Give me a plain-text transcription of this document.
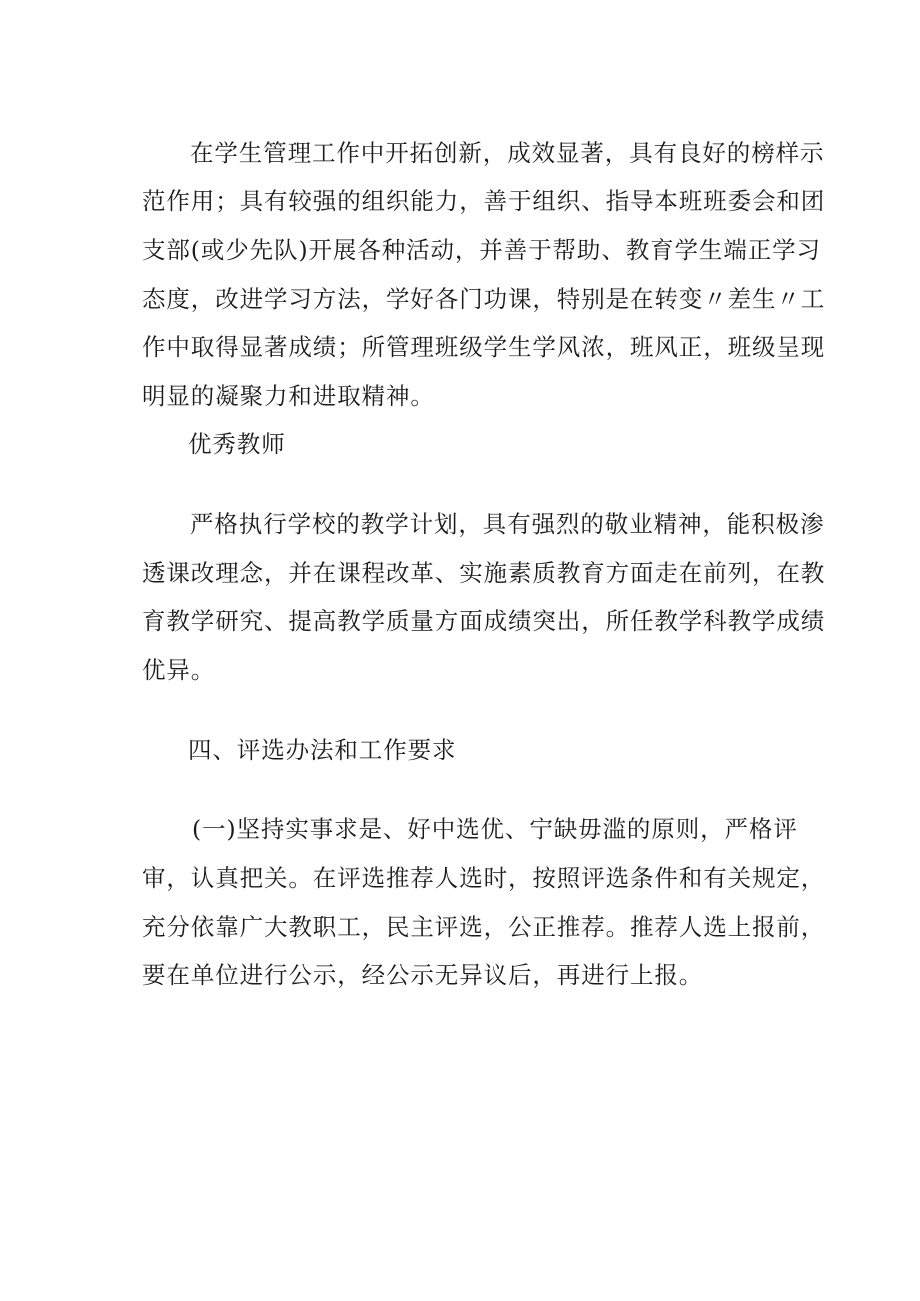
在学生管理工作中开拓创新，成效显著，具有良好的榜样示
范作用；具有较强的组织能力，善于组织、指导本班班委会和团
支部(或少先队)开展各种活动，并善于帮助、教育学生端正学习
态度，改进学习方法，学好各门功课，特别是在转变〃差生〃工
作中取得显著成绩；所管理班级学生学风浓，班风正，班级呈现
明显的凝聚力和进取精神。
优秀教师
严格执行学校的教学计划，具有强烈的敬业精神，能积极渗
透课改理念，并在课程改革、实施素质教育方面走在前列，在教
育教学研究、提高教学质量方面成绩突出，所任教学科教学成绩
优异。
四、评选办法和工作要求
(一)坚持实事求是、好中选优、宁缺毋滥的原则，严格评
审，认真把关。在评选推荐人选时，按照评选条件和有关规定，
充分依靠广大教职工，民主评选，公正推荐。推荐人选上报前，
要在单位进行公示，经公示无异议后，再进行上报。
